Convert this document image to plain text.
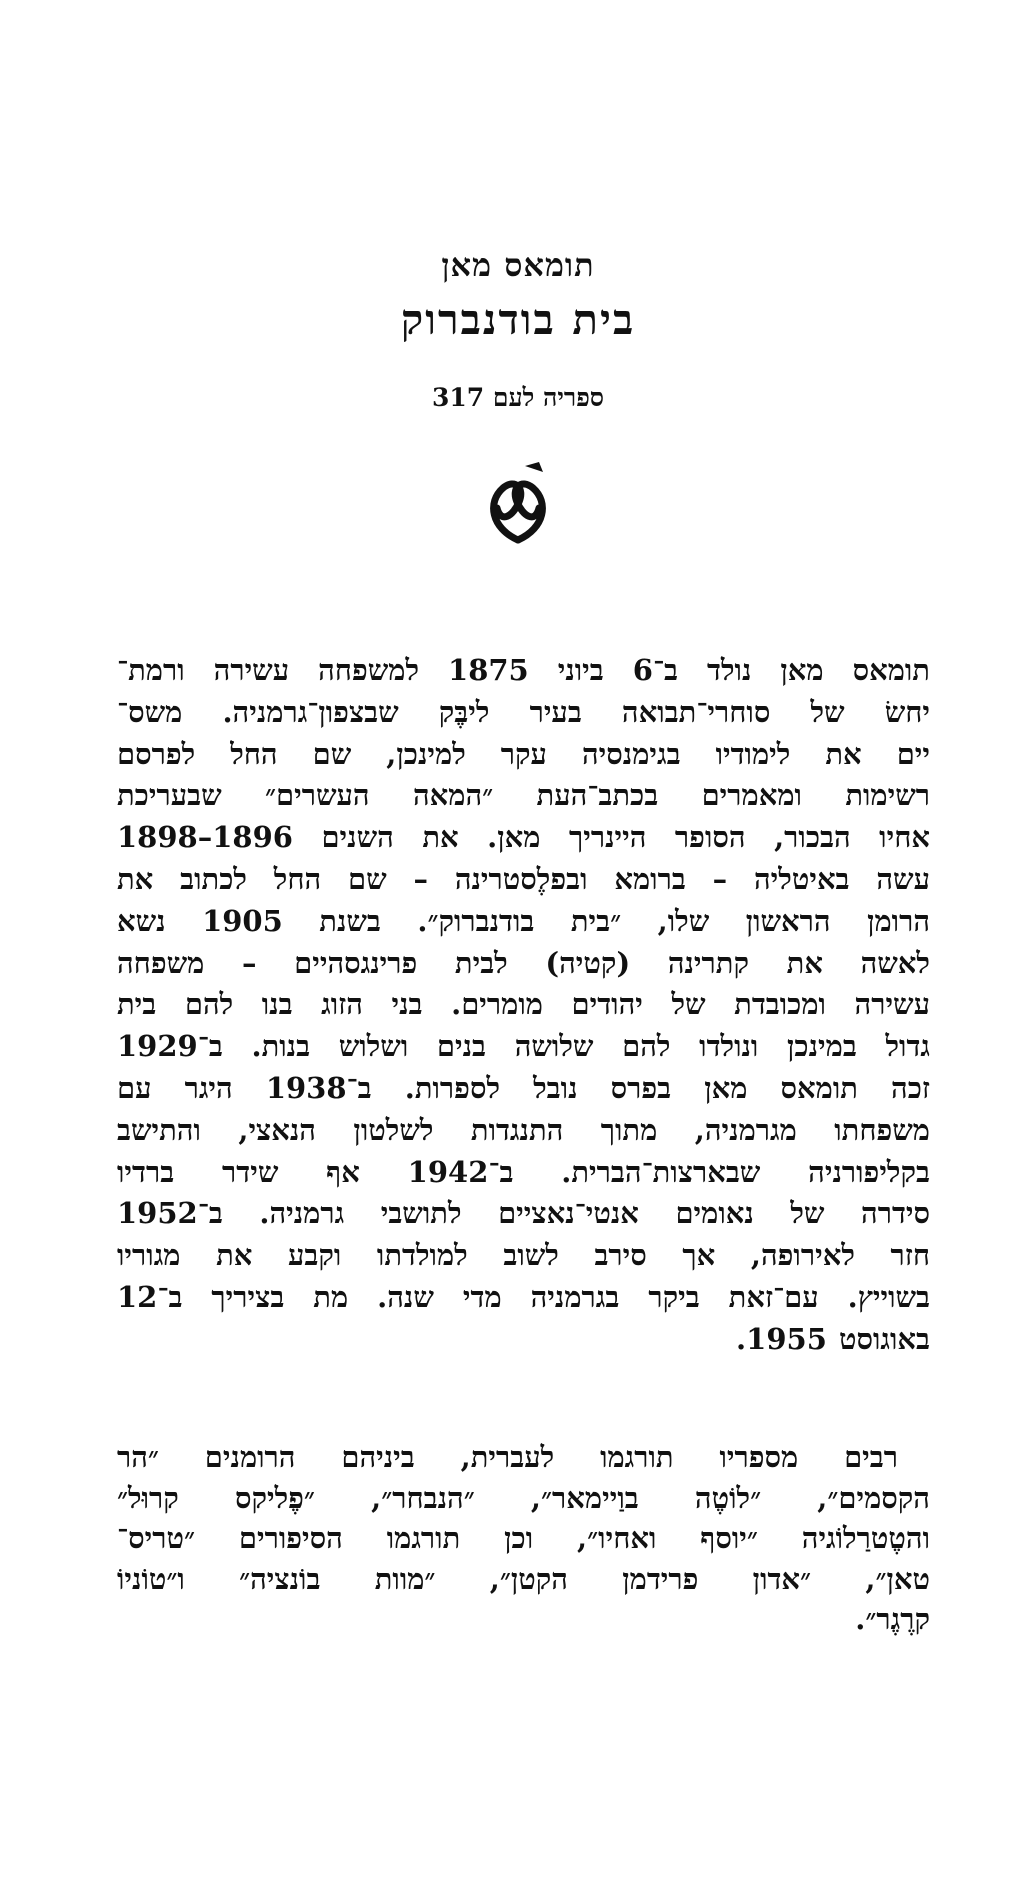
תומאס מאן
בית בודנברוק
ספריה לעם 317
תומאס מאן נולד ב־6 ביוני 1875 למשפחה עשירה ורמת־
יחשׂ של סוחרי־תבואה בעיר ליבֶּק שבצפון־גרמניה. משס־
יים את לימודיו בגימנסיה עקר למינכן, שם החל לפרסם
רשימות ומאמרים בכתב־העת ״המאה העשרים״ שבעריכת
אחיו הבכור, הסופר היינריך מאן. את השנים 1896–1898
עשה באיטליה – ברומא ובפלֶסטרינה – שם החל לכתוב את
הרומן הראשון שלו, ״בית בודנברוק״. בשנת 1905 נשא
לאשה את קתרינה (קטיה) לבית פרינגסהיים – משפחה
עשירה ומכובדת של יהודים מומרים. בני הזוג בנו להם בית
גדול במינכן ונולדו להם שלושה בנים ושלוש בנות. ב־1929
זכה תומאס מאן בפרס נובל לספרות. ב־1938 היגר עם
משפחתו מגרמניה, מתוך התנגדות לשלטון הנאצי, והתישב
בקליפורניה שבארצות־הברית. ב־1942 אף שידר ברדיו
סידרה של נאומים אנטי־נאציים לתושבי גרמניה. ב־1952
חזר לאירופה, אך סירב לשוב למולדתו וקבע את מגוריו
בשוייץ. עם־זאת ביקר בגרמניה מדי שנה. מת בציריך ב־12
באוגוסט 1955.
רבים מספריו תורגמו לעברית, ביניהם הרומנים ״הר
הקסמים״, ״לוֹטֶה בוַיימאר״, ״הנבחר״, ״פֶליקס קרוּל״
והטֶטרַלוֹגיה ״יוסף ואחיו״, וכן תורגמו הסיפורים ״טריס־
טאן״, ״אדון פרידמן הקטן״, ״מוות בוֹנציה״ ו״טוֹניוֹ
קרֶגֶר״.
